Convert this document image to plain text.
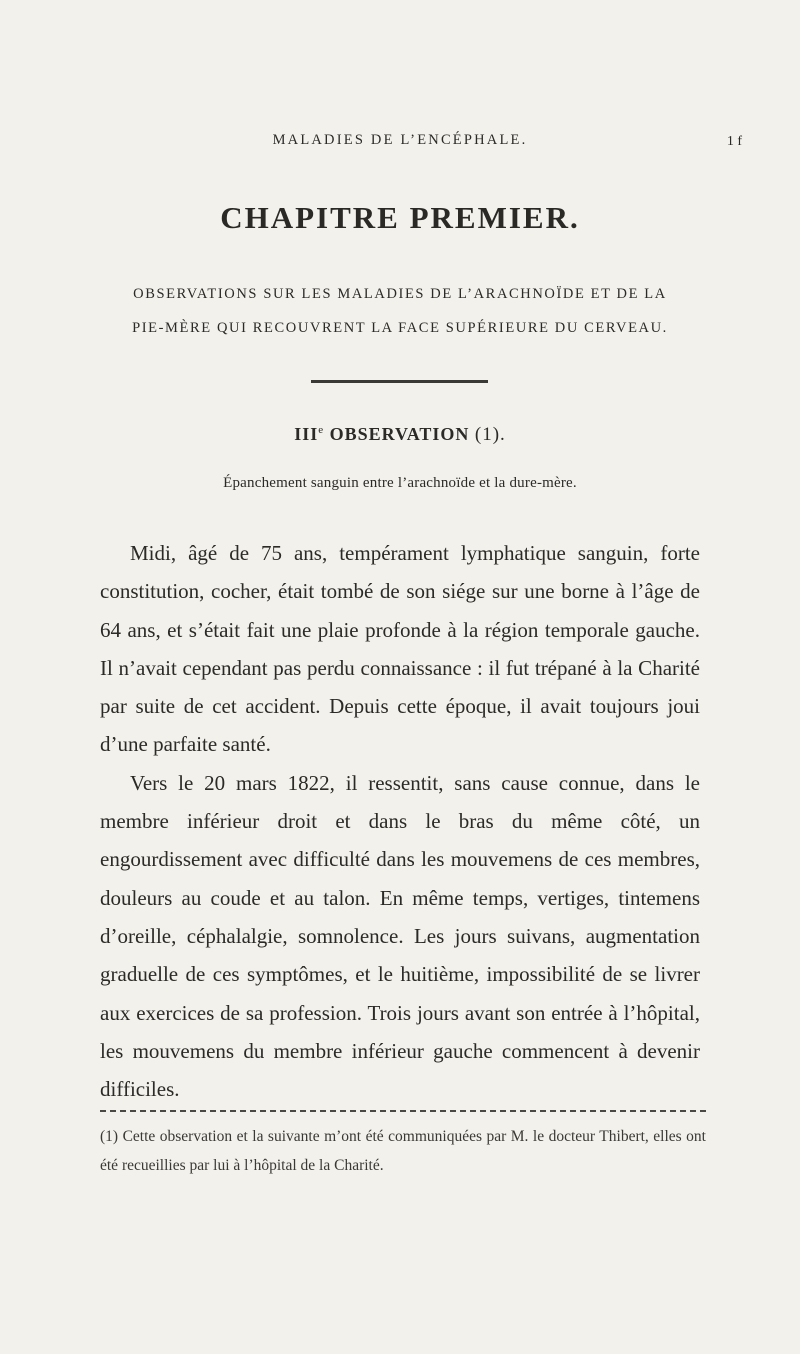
MALADIES DE L’ENCÉPHALE.	1 f
CHAPITRE PREMIER.
OBSERVATIONS SUR LES MALADIES DE L’ARACHNOÏDE ET DE LA
PIE-MÈRE QUI RECOUVRENT LA FACE SUPÉRIEURE DU CERVEAU.
IIIe OBSERVATION (1).
Épanchement sanguin entre l’arachnoïde et la dure-mère.

Midi, âgé de 75 ans, tempérament lymphatique sanguin, forte constitution, cocher, était tombé de son siége sur une borne à l’âge de 64 ans, et s’était fait une plaie profonde à la région temporale gauche. Il n’avait cependant pas perdu connaissance : il fut trépané à la Charité par suite de cet accident. Depuis cette époque, il avait toujours joui d’une parfaite santé.

Vers le 20 mars 1822, il ressentit, sans cause connue, dans le membre inférieur droit et dans le bras du même côté, un engourdissement avec difficulté dans les mouvemens de ces membres, douleurs au coude et au talon. En même temps, vertiges, tintemens d’oreille, céphalalgie, somnolence. Les jours suivans, augmentation graduelle de ces symptômes, et le huitième, impossibilité de se livrer aux exercices de sa profession. Trois jours avant son entrée à l’hôpital, les mouvemens du membre inférieur gauche commencent à devenir difficiles.

(1) Cette observation et la suivante m’ont été communiquées par M. le docteur Thibert, elles ont été recueillies par lui à l’hôpital de la Charité.
